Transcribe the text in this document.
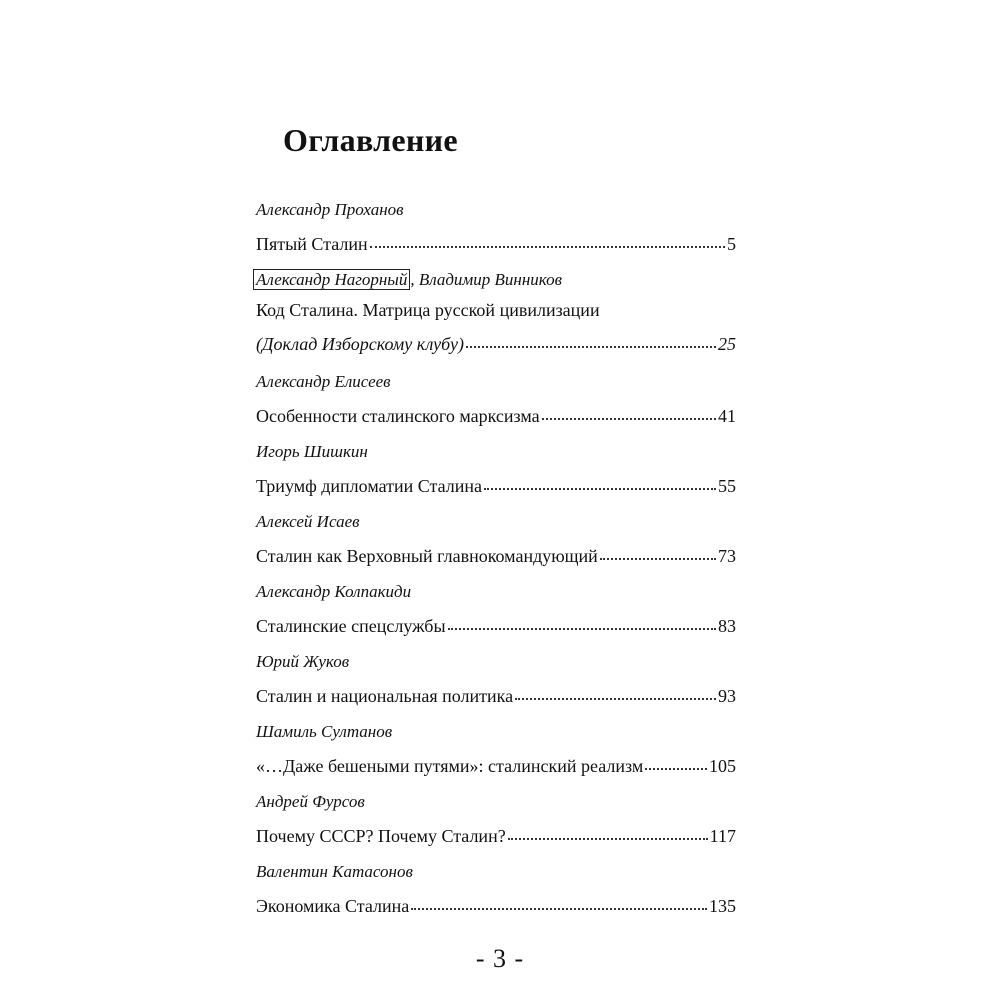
Оглавление
Александр Проханов
Пятый Сталин	5
Александр Нагорный , Владимир Винников
Код Сталина. Матрица русской цивилизации
(Доклад Изборскому клубу)	25
Александр Елисеев
Особенности сталинского марксизма	41
Игорь Шишкин
Триумф дипломатии Сталина	55
Алексей Исаев
Сталин как Верховный главнокомандующий	73
Александр Колпакиди
Сталинские спецслужбы	83
Юрий Жуков
Сталин и национальная политика	93
Шамиль Султанов
«…Даже бешеными путями»: сталинский реализм	105
Андрей Фурсов
Почему СССР? Почему Сталин?	117
Валентин Катасонов
Экономика Сталина	135
- 3 -
